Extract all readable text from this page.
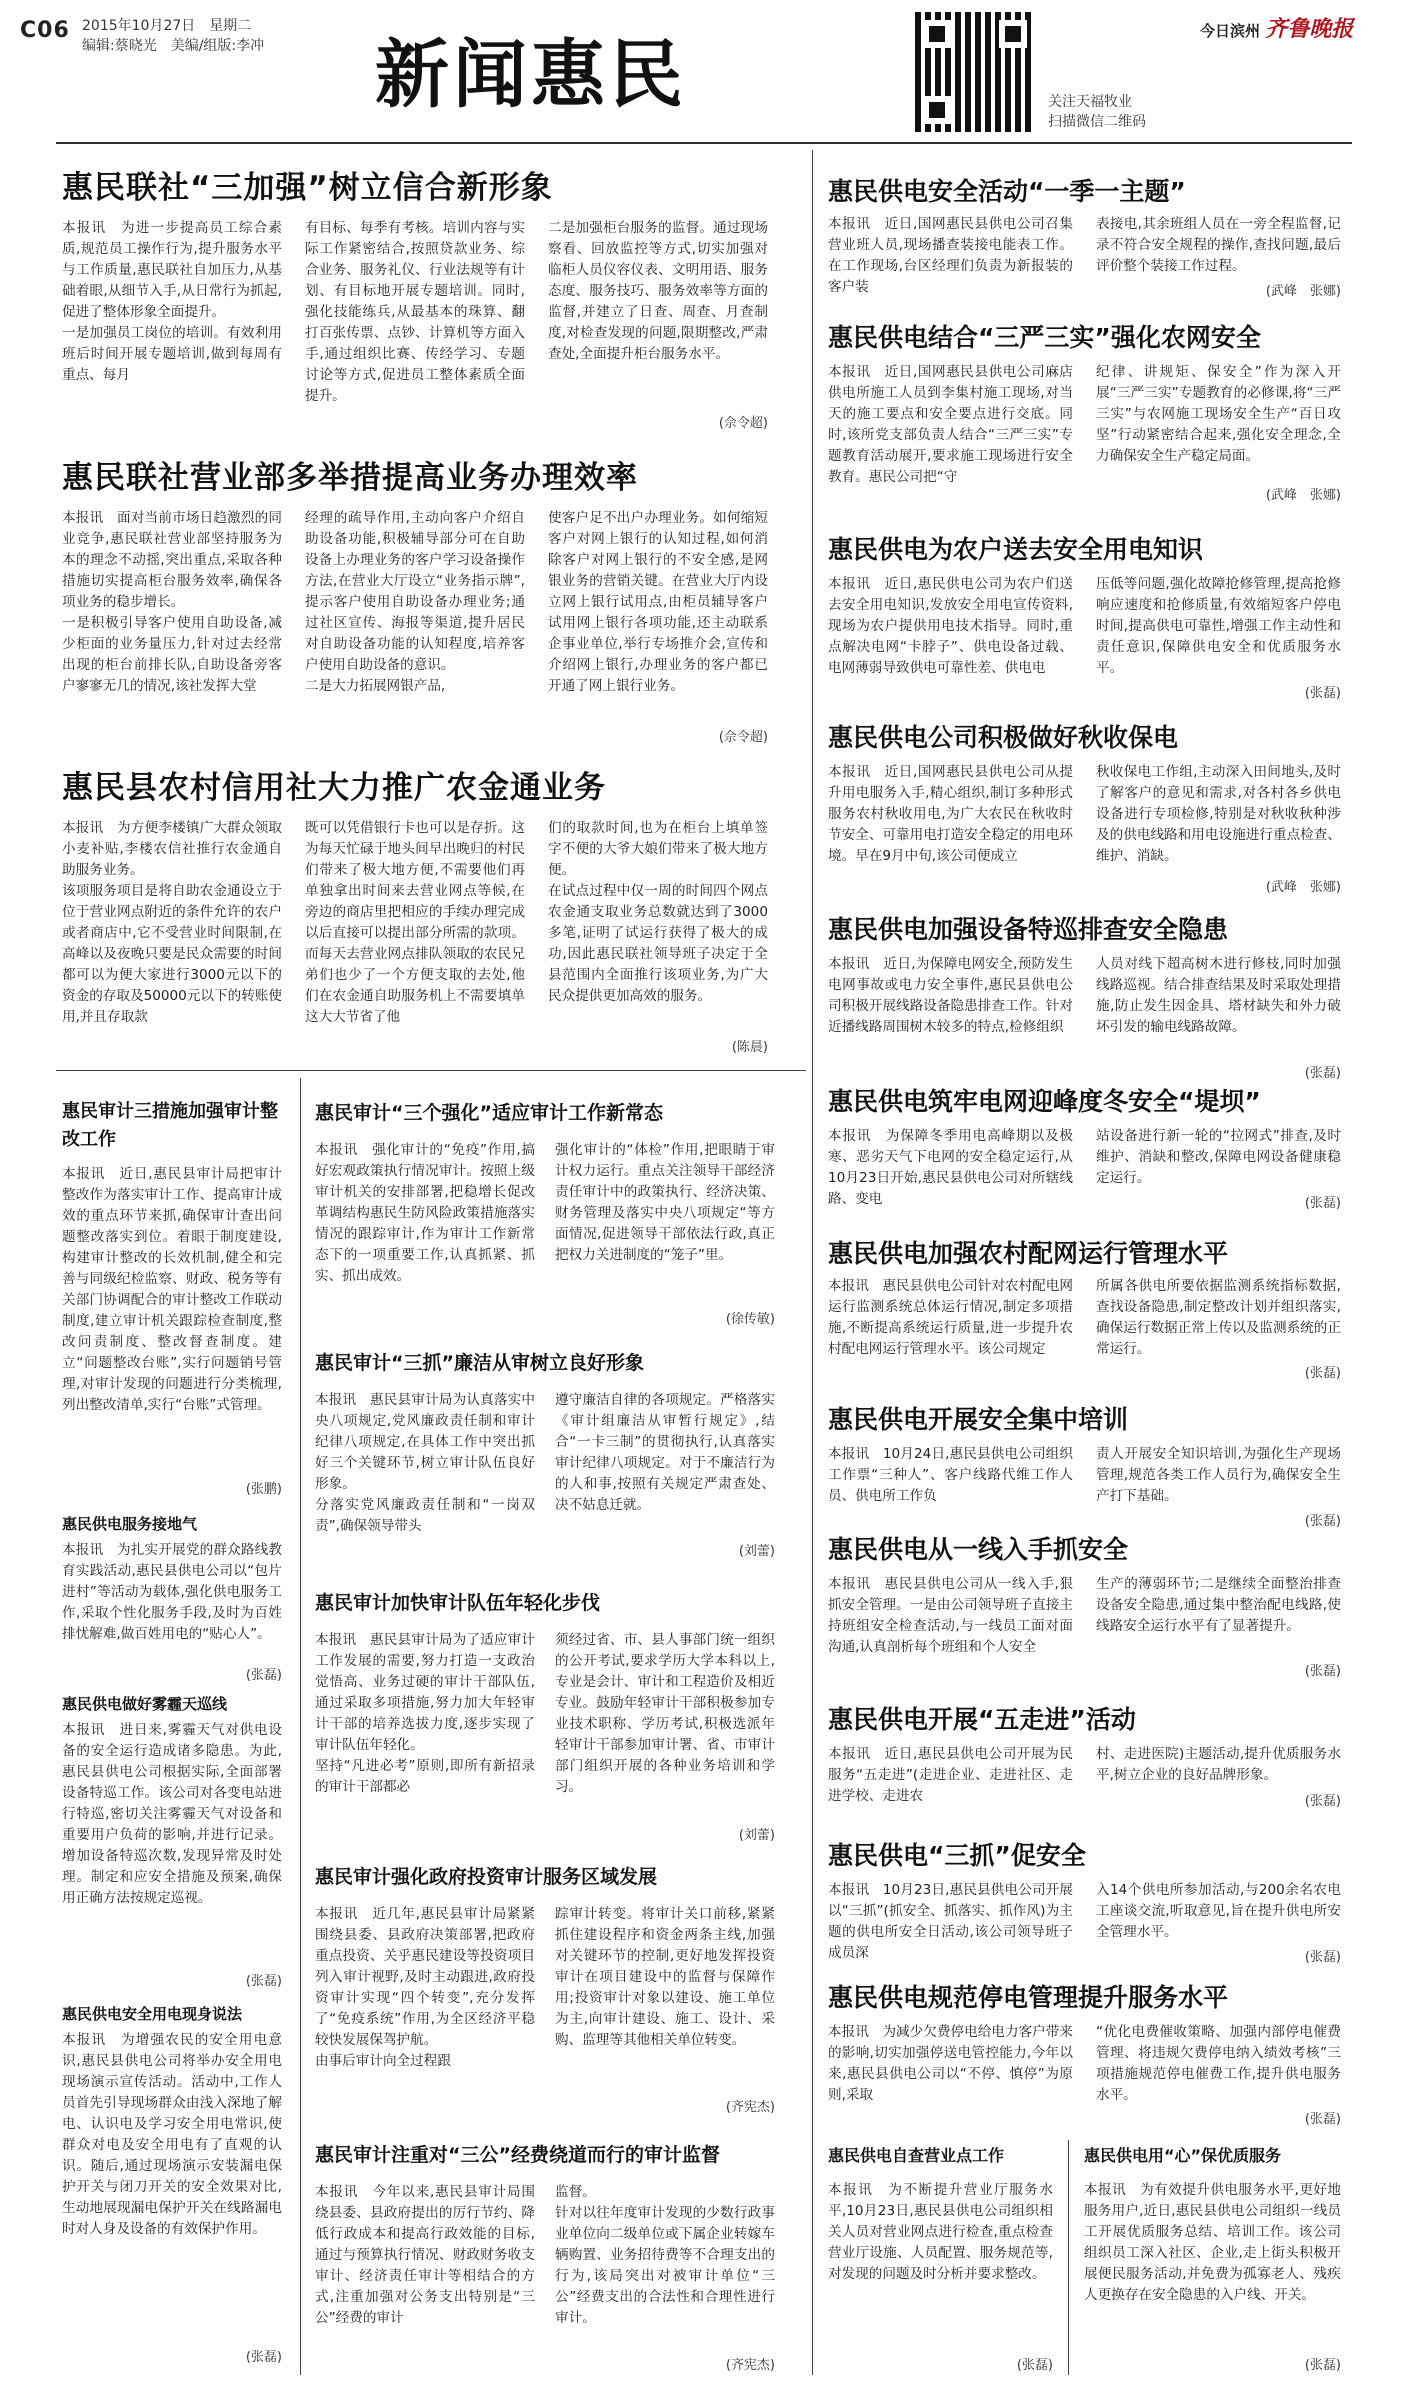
C06 2015年10月27日　星期二
编辑:蔡晓光　美编/组版:李冲 新闻惠民	关注天福牧业
扫描微信二维码
今日滨州 齐鲁晚报
惠民联社“三加强”树立信合新形象
本报讯　为进一步提高员工综合素质,规范员工操作行为,提升服务水平与工作质量,惠民联社自加压力,从基础着眼,从细节入手,从日常行为抓起,促进了整体形象全面提升。
一是加强员工岗位的培训。有效利用班后时间开展专题培训,做到每周有重点、每月
有目标、每季有考核。培训内容与实际工作紧密结合,按照贷款业务、综合业务、服务礼仪、行业法规等有计划、有目标地开展专题培训。同时,强化技能练兵,从最基本的珠算、翻打百张传票、点钞、计算机等方面入手,通过组织比赛、传经学习、专题讨论等方式,促进员工整体素质全面提升。
二是加强柜台服务的监督。通过现场察看、回放监控等方式,切实加强对临柜人员仪容仪表、文明用语、服务态度、服务技巧、服务效率等方面的监督,并建立了日查、周查、月查制度,对检查发现的问题,限期整改,严肃查处,全面提升柜台服务水平。
(佘令超)
惠民联社营业部多举措提高业务办理效率
本报讯　面对当前市场日趋激烈的同业竞争,惠民联社营业部坚持服务为本的理念不动摇,突出重点,采取各种措施切实提高柜台服务效率,确保各项业务的稳步增长。
一是积极引导客户使用自助设备,减少柜面的业务量压力,针对过去经常出现的柜台前排长队,自助设备旁客户寥寥无几的情况,该社发挥大堂
经理的疏导作用,主动向客户介绍自助设备功能,积极辅导部分可在自助设备上办理业务的客户学习设备操作方法,在营业大厅设立“业务指示牌”,提示客户使用自助设备办理业务;通过社区宣传、海报等渠道,提升居民对自助设备功能的认知程度,培养客户使用自助设备的意识。
二是大力拓展网银产品,
使客户足不出户办理业务。如何缩短客户对网上银行的认知过程,如何消除客户对网上银行的不安全感,是网银业务的营销关键。在营业大厅内设立网上银行试用点,由柜员辅导客户试用网上银行各项功能,还主动联系企事业单位,举行专场推介会,宣传和介绍网上银行,办理业务的客户都已开通了网上银行业务。
(佘令超)
惠民县农村信用社大力推广农金通业务
本报讯　为方便李楼镇广大群众领取小麦补贴,李楼农信社推行农金通自助服务业务。
该项服务项目是将自助农金通设立于位于营业网点附近的条件允许的农户或者商店中,它不受营业时间限制,在高峰以及夜晚只要是民众需要的时间都可以为便大家进行3000元以下的资金的存取及50000元以下的转账使用,并且存取款
既可以凭借银行卡也可以是存折。这为每天忙碌于地头间早出晚归的村民们带来了极大地方便,不需要他们再单独拿出时间来去营业网点等候,在旁边的商店里把相应的手续办理完成以后直接可以提出部分所需的款项。而每天去营业网点排队领取的农民兄弟们也少了一个方便支取的去处,他们在农金通自助服务机上不需要填单这大大节省了他
们的取款时间,也为在柜台上填单签字不便的大爷大娘们带来了极大地方便。
在试点过程中仅一周的时间四个网点农金通支取业务总数就达到了3000多笔,证明了试运行获得了极大的成功,因此惠民联社领导班子决定于全县范围内全面推行该项业务,为广大民众提供更加高效的服务。
(陈晨)
惠民审计三措施加强审计整改工作
本报讯　近日,惠民县审计局把审计整改作为落实审计工作、提高审计成效的重点环节来抓,确保审计查出问题整改落实到位。着眼于制度建设,构建审计整改的长效机制,健全和完善与同级纪检监察、财政、税务等有关部门协调配合的审计整改工作联动制度,建立审计机关跟踪检查制度,整改问责制度、整改督查制度。建立“问题整改台账”,实行问题销号管理,对审计发现的问题进行分类梳理,列出整改清单,实行“台账”式管理。
(张鹏)
惠民供电服务接地气
本报讯　为扎实开展党的群众路线教育实践活动,惠民县供电公司以“包片进村”等活动为载体,强化供电服务工作,采取个性化服务手段,及时为百姓排忧解难,做百姓用电的“贴心人”。
(张磊)
惠民供电做好雾霾天巡线
本报讯　进日来,雾霾天气对供电设备的安全运行造成诸多隐患。为此,惠民县供电公司根据实际,全面部署设备特巡工作。该公司对各变电站进行特巡,密切关注雾霾天气对设备和重要用户负荷的影响,并进行记录。增加设备特巡次数,发现异常及时处理。制定和应安全措施及预案,确保用正确方法按规定巡视。
(张磊)
惠民供电安全用电现身说法
本报讯　为增强农民的安全用电意识,惠民县供电公司将举办安全用电现场演示宣传活动。活动中,工作人员首先引导现场群众由浅入深地了解电、认识电及学习安全用电常识,使群众对电及安全用电有了直观的认识。随后,通过现场演示安装漏电保护开关与闭刀开关的安全效果对比,生动地展现漏电保护开关在线路漏电时对人身及设备的有效保护作用。
(张磊)
惠民审计“三个强化”适应审计工作新常态
本报讯　强化审计的“免疫”作用,搞好宏观政策执行情况审计。按照上级审计机关的安排部署,把稳增长促改革调结构惠民生防风险政策措施落实情况的跟踪审计,作为审计工作新常态下的一项重要工作,认真抓紧、抓实、抓出成效。
强化审计的“体检”作用,把眼睛于审计权力运行。重点关注领导干部经济责任审计中的政策执行、经济决策、财务管理及落实中央八项规定“等方面情况,促进领导干部依法行政,真正把权力关进制度的“笼子”里。
(徐传敏)
惠民审计“三抓”廉洁从审树立良好形象
本报讯　惠民县审计局为认真落实中央八项规定,党风廉政责任制和审计纪律八项规定,在具体工作中突出抓好三个关键环节,树立审计队伍良好形象。
分落实党风廉政责任制和“一岗双责”,确保领导带头
遵守廉洁自律的各项规定。严格落实《审计组廉洁从审暂行规定》,结合“一卡三制”的贯彻执行,认真落实审计纪律八项规定。对于不廉洁行为的人和事,按照有关规定严肃查处、决不姑息迁就。
(刘蕾)
惠民审计加快审计队伍年轻化步伐
本报讯　惠民县审计局为了适应审计工作发展的需要,努力打造一支政治觉悟高、业务过硬的审计干部队伍,通过采取多项措施,努力加大年轻审计干部的培养选拔力度,逐步实现了审计队伍年轻化。
坚持“凡进必考”原则,即所有新招录的审计干部都必
须经过省、市、县人事部门统一组织的公开考试,要求学历大学本科以上,专业是会计、审计和工程造价及相近专业。鼓励年轻审计干部积极参加专业技术职称、学历考试,积极选派年轻审计干部参加审计署、省、市审计部门组织开展的各种业务培训和学习。
(刘蕾)
惠民审计强化政府投资审计服务区域发展
本报讯　近几年,惠民县审计局紧紧围绕县委、县政府决策部署,把政府重点投资、关乎惠民建设等投资项目列入审计视野,及时主动跟进,政府投资审计实现“四个转变”,充分发挥了“免疫系统”作用,为全区经济平稳较快发展保驾护航。
由事后审计向全过程跟
踪审计转变。将审计关口前移,紧紧抓住建设程序和资金两条主线,加强对关键环节的控制,更好地发挥投资审计在项目建设中的监督与保障作用;投资审计对象以建设、施工单位为主,向审计建设、施工、设计、采购、监理等其他相关单位转变。
(齐宪杰)
惠民审计注重对“三公”经费绕道而行的审计监督
本报讯　今年以来,惠民县审计局围绕县委、县政府提出的厉行节约、降低行政成本和提高行政效能的目标,通过与预算执行情况、财政财务收支审计、经济责任审计等相结合的方式,注重加强对公务支出特别是“三公”经费的审计
监督。
针对以往年度审计发现的少数行政事业单位向二级单位或下属企业转嫁车辆购置、业务招待费等不合理支出的行为,该局突出对被审计单位“三公”经费支出的合法性和合理性进行审计。
(齐宪杰)
惠民供电安全活动“一季一主题”
本报讯　近日,国网惠民县供电公司召集营业班人员,现场播查装接电能表工作。在工作现场,台区经理们负责为新报装的客户装
表接电,其余班组人员在一旁全程监督,记录不符合安全规程的操作,查找问题,最后评价整个装接工作过程。
(武峰　张娜)
惠民供电结合“三严三实”强化农网安全
本报讯　近日,国网惠民县供电公司麻店供电所施工人员到李集村施工现场,对当天的施工要点和安全要点进行交底。同时,该所党支部负责人结合“三严三实”专题教育活动展开,要求施工现场进行安全教育。惠民公司把“守
纪律、讲规矩、保安全”作为深入开展“三严三实”专题教育的必修课,将“三严三实”与农网施工现场安全生产“百日攻坚”行动紧密结合起来,强化安全理念,全力确保安全生产稳定局面。
(武峰　张娜)
惠民供电为农户送去安全用电知识
本报讯　近日,惠民供电公司为农户们送去安全用电知识,发放安全用电宣传资料,现场为农户提供用电技术指导。同时,重点解决电网“卡脖子”、供电设备过载、电网薄弱导致供电可靠性差、供电电
压低等问题,强化故障抢修管理,提高抢修响应速度和抢修质量,有效缩短客户停电时间,提高供电可靠性,增强工作主动性和责任意识,保障供电安全和优质服务水平。
(张磊)
惠民供电公司积极做好秋收保电
本报讯　近日,国网惠民县供电公司从提升用电服务入手,精心组织,制订多种形式服务农村秋收用电,为广大农民在秋收时节安全、可靠用电打造安全稳定的用电环境。早在9月中旬,该公司便成立
秋收保电工作组,主动深入田间地头,及时了解客户的意见和需求,对各村各乡供电设备进行专项检修,特别是对秋收秋种涉及的供电线路和用电设施进行重点检查、维护、消缺。
(武峰　张娜)
惠民供电加强设备特巡排查安全隐患
本报讯　近日,为保障电网安全,预防发生电网事故或电力安全事件,惠民县供电公司积极开展线路设备隐患排查工作。针对近播线路周围树木较多的特点,检修组织
人员对线下超高树木进行修枝,同时加强线路巡视。结合排查结果及时采取处理措施,防止发生因金具、塔材缺失和外力破坏引发的输电线路故障。
(张磊)
惠民供电筑牢电网迎峰度冬安全“堤坝”
本报讯　为保障冬季用电高峰期以及极寒、恶劣天气下电网的安全稳定运行,从10月23日开始,惠民县供电公司对所辖线路、变电
站设备进行新一轮的“拉网式”排查,及时维护、消缺和整改,保障电网设备健康稳定运行。
(张磊)
惠民供电加强农村配网运行管理水平
本报讯　惠民县供电公司针对农村配电网运行监测系统总体运行情况,制定多项措施,不断提高系统运行质量,进一步提升农村配电网运行管理水平。该公司规定
所属各供电所要依据监测系统指标数据,查找设备隐患,制定整改计划并组织落实,确保运行数据正常上传以及监测系统的正常运行。
(张磊)
惠民供电开展安全集中培训
本报讯　10月24日,惠民县供电公司组织工作票“三种人”、客户线路代维工作人员、供电所工作负
责人开展安全知识培训,为强化生产现场管理,规范各类工作人员行为,确保安全生产打下基础。
(张磊)
惠民供电从一线入手抓安全
本报讯　惠民县供电公司从一线入手,狠抓安全管理。一是由公司领导班子直接主持班组安全检查活动,与一线员工面对面沟通,认真剖析每个班组和个人安全
生产的薄弱环节;二是继续全面整治排查设备安全隐患,通过集中整治配电线路,使线路安全运行水平有了显著提升。
(张磊)
惠民供电开展“五走进”活动
本报讯　近日,惠民县供电公司开展为民服务“五走进”(走进企业、走进社区、走进学校、走进农
村、走进医院)主题活动,提升优质服务水平,树立企业的良好品牌形象。
(张磊)
惠民供电“三抓”促安全
本报讯　10月23日,惠民县供电公司开展以“三抓”(抓安全、抓落实、抓作风)为主题的供电所安全日活动,该公司领导班子成员深
入14个供电所参加活动,与200余名农电工座谈交流,听取意见,旨在提升供电所安全管理水平。
(张磊)
惠民供电规范停电管理提升服务水平
本报讯　为减少欠费停电给电力客户带来的影响,切实加强停送电管控能力,今年以来,惠民县供电公司以“不停、慎停”为原则,采取
“优化电费催收策略、加强内部停电催费管理、将违规欠费停电纳入绩效考核”三项措施规范停电催费工作,提升供电服务水平。
(张磊)
惠民供电自查营业点工作
本报讯　为不断提升营业厅服务水平,10月23日,惠民县供电公司组织相关人员对营业网点进行检查,重点检查营业厅设施、人员配置、服务规范等,对发现的问题及时分析并要求整改。
(张磊)
惠民供电用“心”保优质服务
本报讯　为有效提升供电服务水平,更好地服务用户,近日,惠民县供电公司组织一线员工开展优质服务总结、培训工作。该公司组织员工深入社区、企业,走上街头积极开展便民服务活动,并免费为孤寡老人、残疾人更换存在安全隐患的入户线、开关。
(张磊)
